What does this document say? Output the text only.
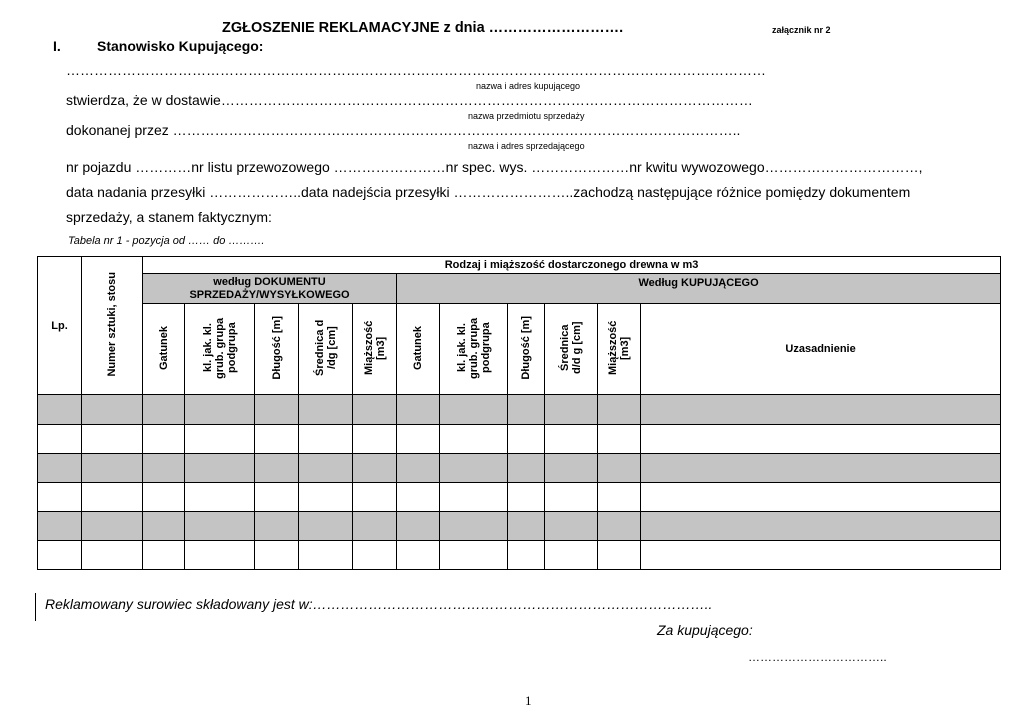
ZGŁOSZENIE REKLAMACYJNE z dnia ……………………….	załącznik nr 2
I.	Stanowisko Kupującego:
……………………………………………………………………………………………………………………………………
nazwa i adres kupującego
stwierdza, że w dostawie……………………………………………………………………………………………………
nazwa przedmiotu sprzedaży
dokonanej przez …………………………………………………………………………………………………………..
nazwa i adres sprzedającego
nr pojazdu …………nr listu przewozowego ……………………nr spec. wys. …………………nr kwitu wywozowego……………………………,
data nadania przesyłki ………………..data nadejścia przesyłki ……………………..zachodzą następujące różnice pomiędzy dokumentem
sprzedaży, a stanem faktycznym:
Tabela nr 1 - pozycja od …… do ……….
Lp.	Numer sztuki, stosu	Rodzaj i miąższość dostarczonego drewna w m3										
		według DOKUMENTU SPRZEDAŻY/WYSYŁKOWEGO					Według KUPUJĄCEGO					
		Gatunek	kl. jak. kl. grub. grupa podgrupa	Długość [m]	Średnica d /dg [cm]	Miąższość [m3]	Gatunek	kl. jak. kl. grub. grupa podgrupa	Długość [m]	Średnica d/d g [cm]	Miąższość [m3]	Uzasadnienie

Reklamowany surowiec składowany jest w:…………………………………………………………………………..
Za kupującego:
……………………………..
1
